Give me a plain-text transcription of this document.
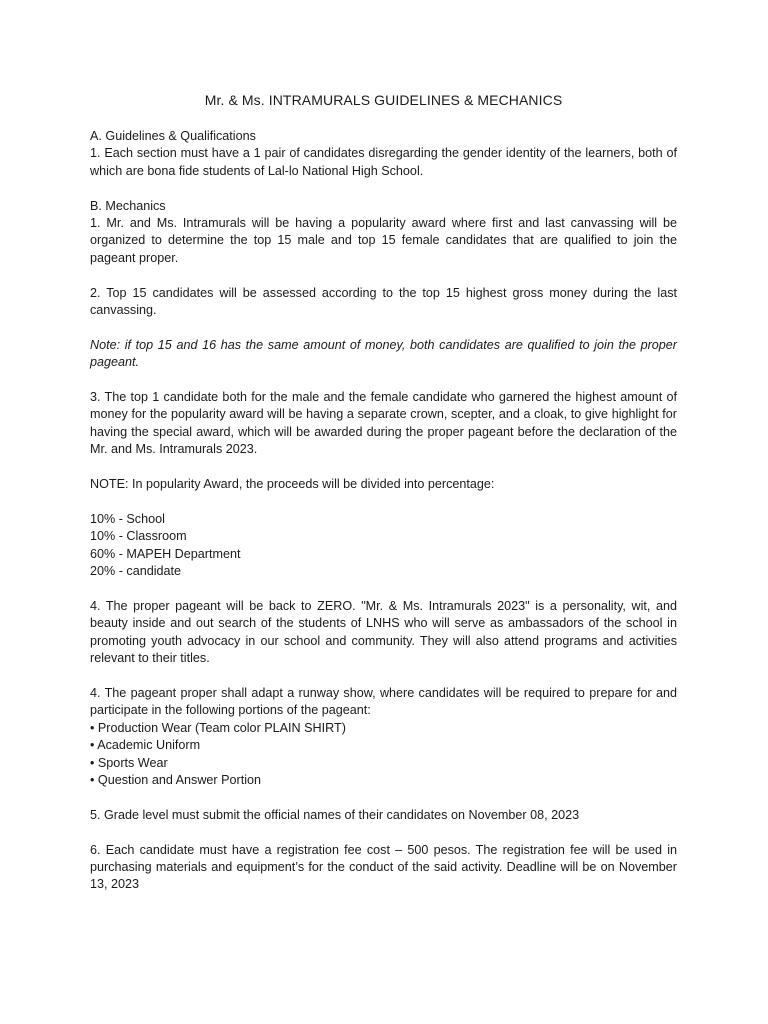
Mr. & Ms. INTRAMURALS GUIDELINES & MECHANICS

A. Guidelines & Qualifications

1. Each section must have a 1 pair of candidates disregarding the gender identity of the learners, both of which are bona fide students of Lal-lo National High School.

B. Mechanics

1. Mr. and Ms. Intramurals will be having a popularity award where first and last canvassing will be organized to determine the top 15 male and top 15 female candidates that are qualified to join the pageant proper.

2. Top 15 candidates will be assessed according to the top 15 highest gross money during the last canvassing.

Note: if top 15 and 16 has the same amount of money, both candidates are qualified to join the proper pageant.

3. The top 1 candidate both for the male and the female candidate who garnered the highest amount of money for the popularity award will be having a separate crown, scepter, and a cloak, to give highlight for having the special award, which will be awarded during the proper pageant before the declaration of the Mr. and Ms. Intramurals 2023.

NOTE: In popularity Award, the proceeds will be divided into percentage:

10% - School
10% - Classroom
60% - MAPEH Department
20% - candidate

4. The proper pageant will be back to ZERO. "Mr. & Ms. Intramurals 2023" is a personality, wit, and beauty inside and out search of the students of LNHS who will serve as ambassadors of the school in promoting youth advocacy in our school and community. They will also attend programs and activities relevant to their titles.

4. The pageant proper shall adapt a runway show, where candidates will be required to prepare for and participate in the following portions of the pageant:

• Production Wear (Team color PLAIN SHIRT)
• Academic Uniform
• Sports Wear
• Question and Answer Portion

5. Grade level must submit the official names of their candidates on November 08, 2023

6. Each candidate must have a registration fee cost – 500 pesos. The registration fee will be used in purchasing materials and equipment’s for the conduct of the said activity. Deadline will be on November 13, 2023
